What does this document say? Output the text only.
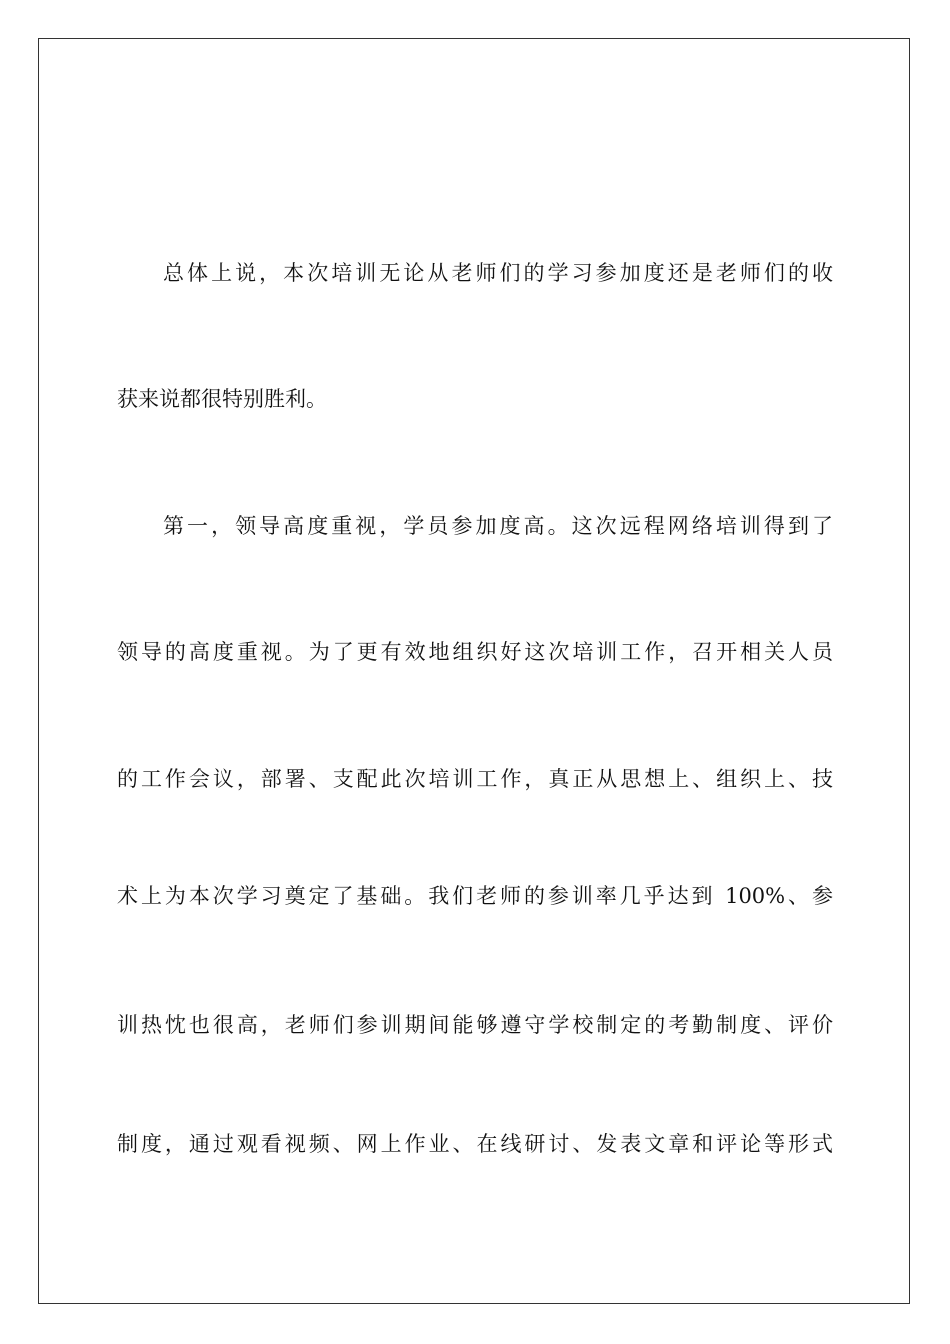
总体上说，本次培训无论从老师们的学习参加度还是老师们的收
获来说都很特别胜利。
第一，领导高度重视，学员参加度高。这次远程网络培训得到了
领导的高度重视。为了更有效地组织好这次培训工作，召开相关人员
的工作会议，部署、支配此次培训工作，真正从思想上、组织上、技
术上为本次学习奠定了基础。我们老师的参训率几乎达到 100%、参
训热忱也很高，老师们参训期间能够遵守学校制定的考勤制度、评价
制度，通过观看视频、网上作业、在线研讨、发表文章和评论等形式
